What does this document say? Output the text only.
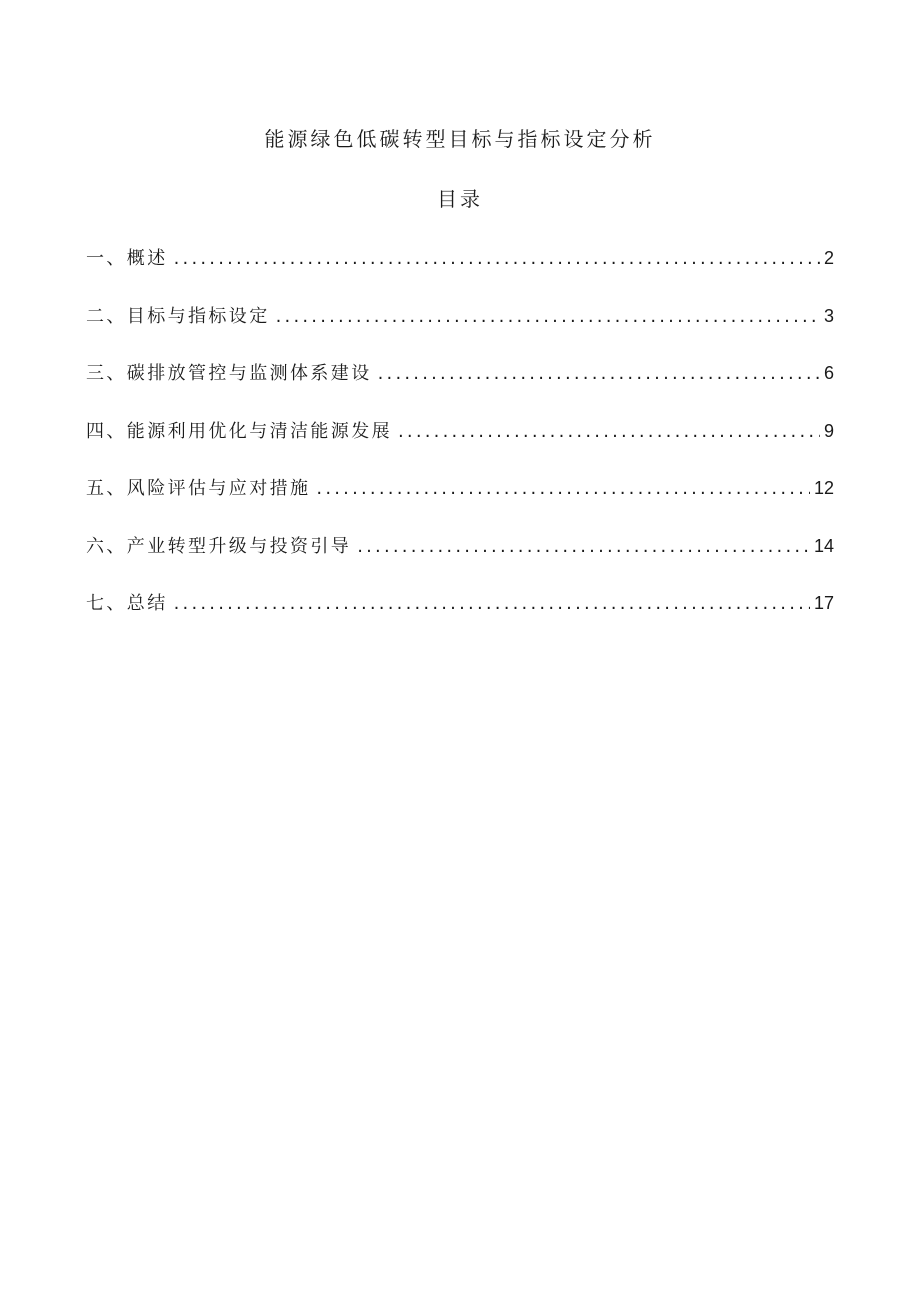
能源绿色低碳转型目标与指标设定分析
目录
一、概述 .....	2
二、目标与指标设定 .....	3
三、碳排放管控与监测体系建设 .....	6
四、能源利用优化与清洁能源发展 .....	9
五、风险评估与应对措施 .....	12
六、产业转型升级与投资引导 .....	14
七、总结 .....	17
